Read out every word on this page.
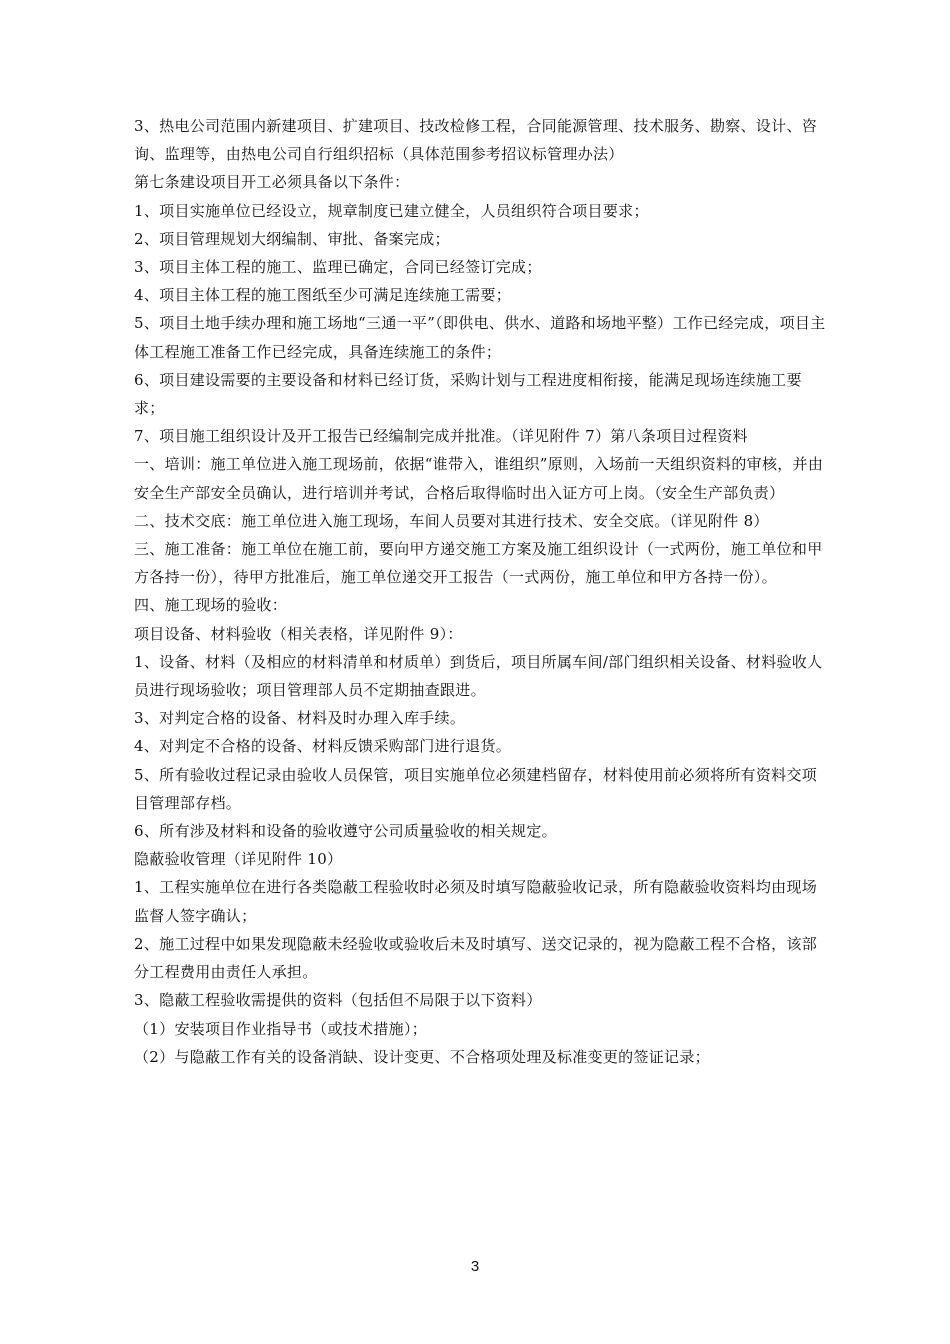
3、热电公司范围内新建项目、扩建项目、技改检修工程，合同能源管理、技术服务、勘察、设计、咨询、监理等，由热电公司自行组织招标（具体范围参考招议标管理办法）

第七条建设项目开工必须具备以下条件：

1、项目实施单位已经设立，规章制度已建立健全，人员组织符合项目要求；

2、项目管理规划大纲编制、审批、备案完成；

3、项目主体工程的施工、监理已确定，合同已经签订完成；

4、项目主体工程的施工图纸至少可满足连续施工需要；

5、项目土地手续办理和施工场地“三通一平”（即供电、供水、道路和场地平整）工作已经完成，项目主体工程施工准备工作已经完成，具备连续施工的条件；

6、项目建设需要的主要设备和材料已经订货，采购计划与工程进度相衔接，能满足现场连续施工要求；

7、项目施工组织设计及开工报告已经编制完成并批准。（详见附件 7）第八条项目过程资料

一、培训：施工单位进入施工现场前，依据“谁带入，谁组织”原则，入场前一天组织资料的审核，并由安全生产部安全员确认，进行培训并考试，合格后取得临时出入证方可上岗。（安全生产部负责）

二、技术交底：施工单位进入施工现场，车间人员要对其进行技术、安全交底。（详见附件 8）

三、施工准备：施工单位在施工前，要向甲方递交施工方案及施工组织设计（一式两份，施工单位和甲方各持一份），待甲方批准后，施工单位递交开工报告（一式两份，施工单位和甲方各持一份）。

四、施工现场的验收：

项目设备、材料验收（相关表格，详见附件 9）：

1、设备、材料（及相应的材料清单和材质单）到货后，项目所属车间/部门组织相关设备、材料验收人员进行现场验收；项目管理部人员不定期抽查跟进。

3、对判定合格的设备、材料及时办理入库手续。

4、对判定不合格的设备、材料反馈采购部门进行退货。

5、所有验收过程记录由验收人员保管，项目实施单位必须建档留存，材料使用前必须将所有资料交项目管理部存档。

6、所有涉及材料和设备的验收遵守公司质量验收的相关规定。

隐蔽验收管理（详见附件 10）

1、工程实施单位在进行各类隐蔽工程验收时必须及时填写隐蔽验收记录，所有隐蔽验收资料均由现场监督人签字确认；

2、施工过程中如果发现隐蔽未经验收或验收后未及时填写、送交记录的，视为隐蔽工程不合格，该部分工程费用由责任人承担。

3、隐蔽工程验收需提供的资料（包括但不局限于以下资料）

（1）安装项目作业指导书（或技术措施）；

（2）与隐蔽工作有关的设备消缺、设计变更、不合格项处理及标准变更的签证记录；

3
